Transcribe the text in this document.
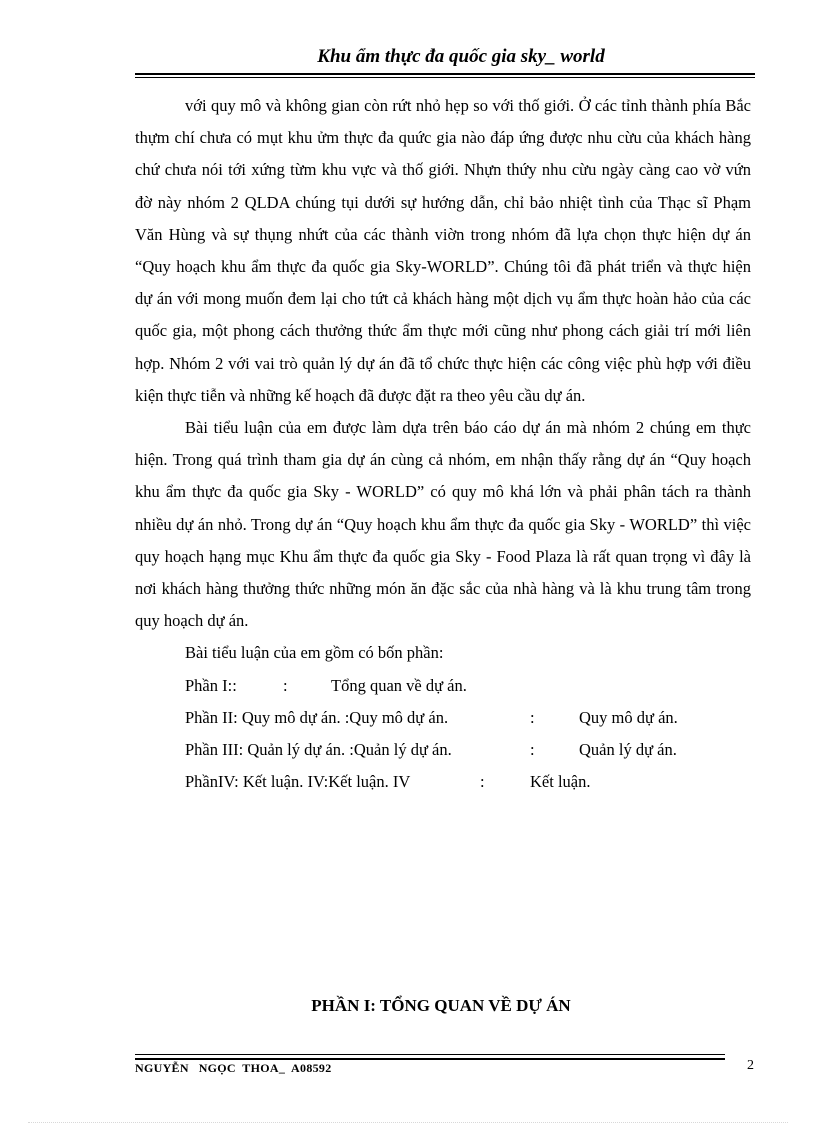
Khu ẩm thực đa quốc gia sky_ world

với quy mô và không gian còn rứt nhỏ hẹp so với thố giới. Ở các tỉnh thành phía Bắc thựm chí chưa có mụt khu ửm thực đa quức gia nào đáp ứng được nhu cừu của khách hàng chứ chưa nói tới xứng từm khu vực và thố giới. Nhựn thứy nhu cừu ngày càng cao vờ vứn đờ này nhóm 2 QLDA chúng tụi dưới sự hướng dẫn, chỉ bảo nhiệt tình của Thạc sĩ Phạm Văn Hùng và sự thụng nhứt của các thành viờn trong nhóm đã lựa chọn thực hiện dự án “Quy hoạch khu ẩm thực đa quốc gia Sky-WORLD”. Chúng tôi đã phát triển và thực hiện dự án với mong muốn đem lại cho tứt cả khách hàng một dịch vụ ẩm thực hoàn hảo của các quốc gia, một phong cách thưởng thức ẩm thực mới cũng như phong cách giải trí mới liên hợp. Nhóm 2 với vai trò quản lý dự án đã tổ chức thực hiện các công việc phù hợp với điều kiện thực tiễn và những kế hoạch đã được đặt ra theo yêu cầu dự án.

Bài tiểu luận của em được làm dựa trên báo cáo dự án mà nhóm 2 chúng em thực hiện. Trong quá trình tham gia dự án cùng cả nhóm, em nhận thấy rằng dự án “Quy hoạch khu ẩm thực đa quốc gia Sky - WORLD” có quy mô khá lớn và phải phân tách ra thành nhiều dự án nhỏ. Trong dự án “Quy hoạch khu ẩm thực đa quốc gia Sky - WORLD” thì việc quy hoạch hạng mục Khu ẩm thực đa quốc gia Sky - Food Plaza là rất quan trọng vì đây là nơi khách hàng thưởng thức những món ăn đặc sắc của nhà hàng và là khu trung tâm trong quy hoạch dự án.

Bài tiểu luận của em gồm có bốn phần:

Phần I::	:	Tổng quan về dự án.
Phần II: Quy mô dự án. :Quy mô dự án.	:	Quy mô dự án.
Phần III: Quản lý dự án. :Quản lý dự án.	:	Quản lý dự án.
PhầnIV: Kết luận. IV:Kết luận. IV	:	Kết luận.
PHẦN I: TỔNG QUAN VỀ DỰ ÁN
NGUYỄN   NGỌC  THOA_  A08592	2
